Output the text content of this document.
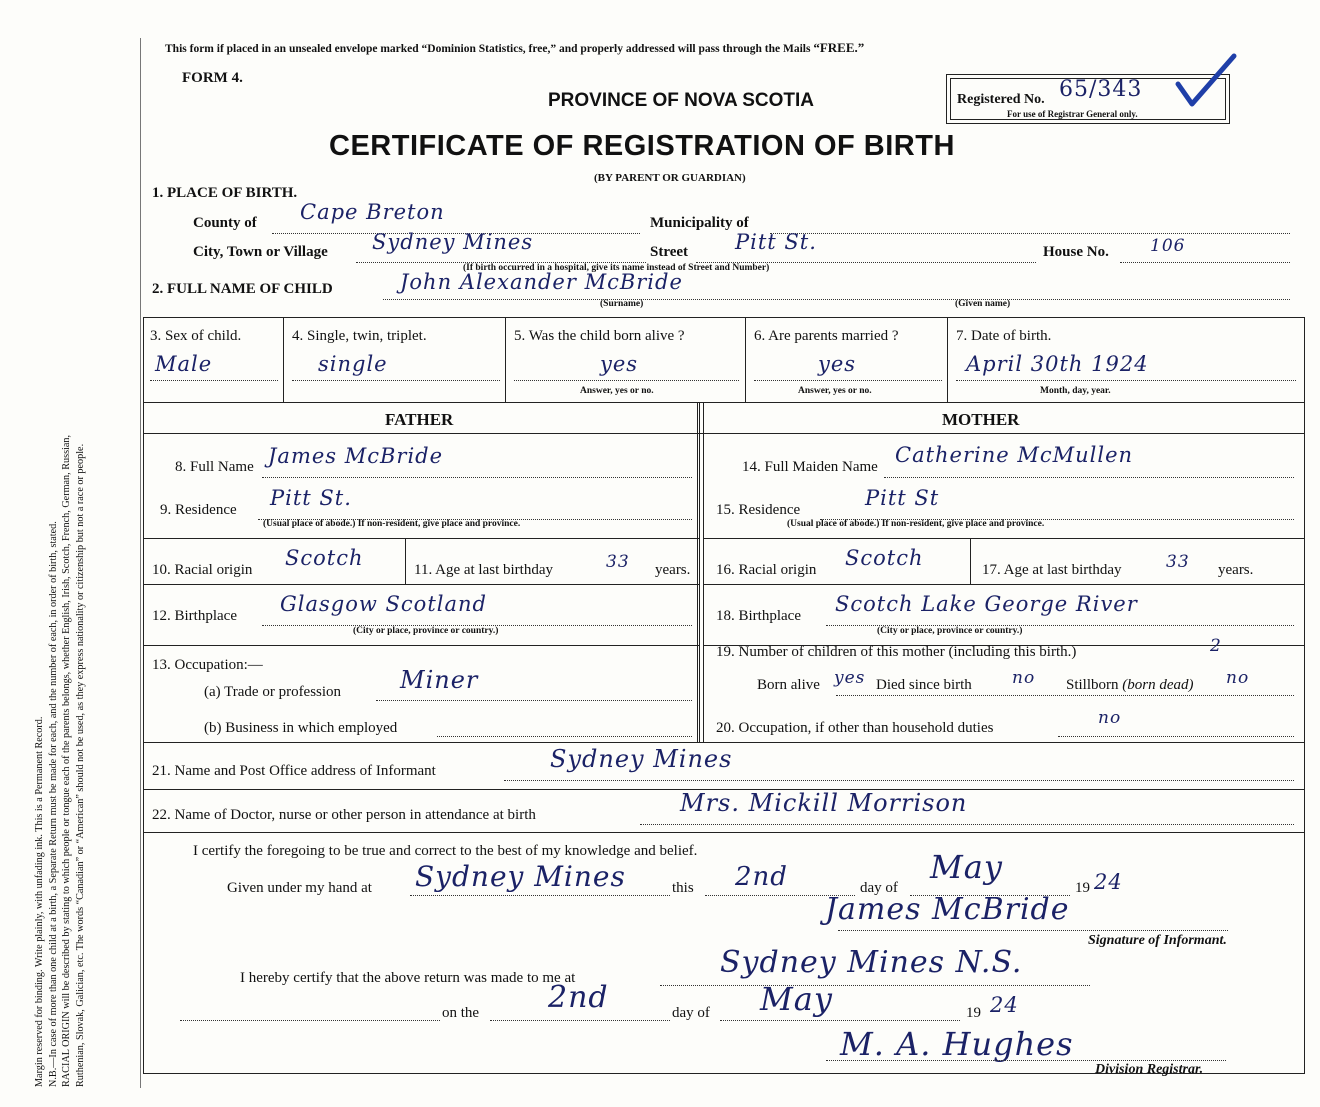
Margin reserved for binding. Write plainly, with unfading ink. This is a Permanent Record. N.B.—In case of more than one child at a birth, a Separate Return must be made for each, and the number of each, in order of birth, stated. RACIAL ORIGIN will be described by stating to which people or tongue each of the parents belongs, whether English, Irish, Scotch, French, German, Russian, Ruthenian, Slovak, Galician, etc. The words “Canadian” or “American” should not be used, as they express nationality or citizenship but not a race or people.
This form if placed in an unsealed envelope marked “Dominion Statistics, free,” and properly addressed will pass through the Mails “FREE.”
FORM 4.
PROVINCE OF NOVA SCOTIA
CERTIFICATE OF REGISTRATION OF BIRTH
(BY PARENT OR GUARDIAN)
Registered No. 65/343
For use of Registrar General only.
1. PLACE OF BIRTH.
County of Cape Breton	Municipality of
City, Town or Village Sydney Mines	Street Pitt St.	House No. 106
(If birth occurred in a hospital, give its name instead of Street and Number)
2. FULL NAME OF CHILD	John Alexander McBride
(Surname)	(Given name)
3. Sex of child.
Male
4. Single, twin, triplet.
single
5. Was the child born alive ?
yes
Answer, yes or no.
6. Are parents married ?
yes
Answer, yes or no.
7. Date of birth.
April 30th 1924
Month, day, year.
FATHER	MOTHER
8. Full Name James McBride
9. Residence Pitt St.
(Usual place of abode.) If non-resident, give place and province.
10. Racial origin Scotch	11. Age at last birthday	33 years.
12. Birthplace Glasgow Scotland
(City or place, province or country.)
13. Occupation:—
(a) Trade or profession Miner
(b) Business in which employed
14. Full Maiden Name Catherine McMullen
15. Residence	Pitt St
(Usual place of abode.) If non-resident, give place and province.
16. Racial origin Scotch	17. Age at last birthday	33 years.
18. Birthplace Scotch Lake George River
(City or place, province or country.)
19. Number of children of this mother (including this birth.)	2
Born alive yes Died since birth no Stillborn (born dead) no
20. Occupation, if other than household duties	no
21. Name and Post Office address of Informant	Sydney Mines
22. Name of Doctor, nurse or other person in attendance at birth	Mrs. Mickill Morrison
I certify the foregoing to be true and correct to the best of my knowledge and belief.
Given under my hand at Sydney Mines	this 2nd	day of
May
19 24
James McBride
Signature of Informant.
I hereby certify that the above return was made to me at	Sydney Mines N.S.
on the 2nd	day of May	19 24
M. A. Hughes
Division Registrar.
